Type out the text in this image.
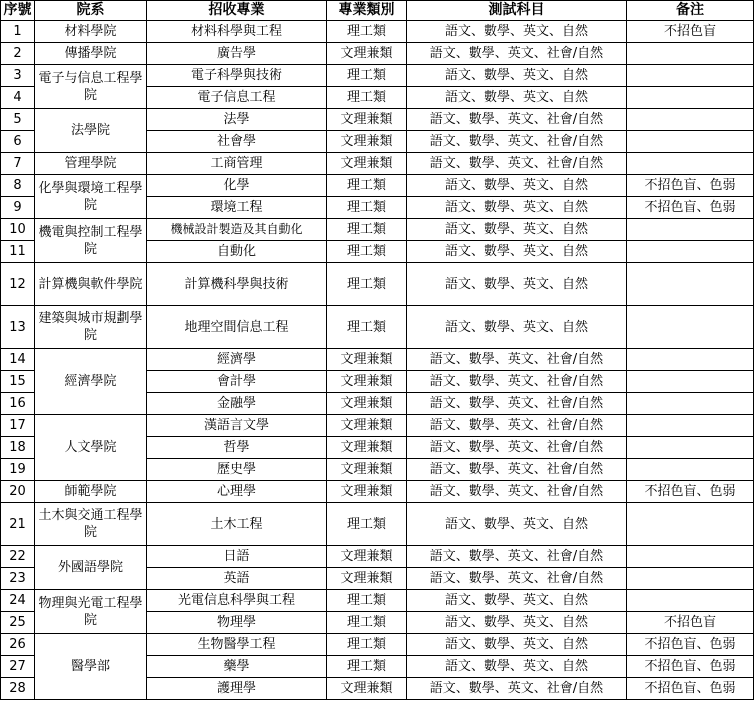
序號	院系	招收專業	專業類別	測試科目	备注
1	材料學院	材料科學與工程	理工類	語文、數學、英文、自然	不招色盲
2	傳播學院	廣告學	文理兼類	語文、數學、英文、社會/自然	
3	電子与信息工程學院	電子科學與技術	理工類	語文、數學、英文、自然	
4		電子信息工程	理工類	語文、數學、英文、自然	
5	法學院	法學	文理兼類	語文、數學、英文、社會/自然	
6		社會學	文理兼類	語文、數學、英文、社會/自然	
7	管理學院	工商管理	文理兼類	語文、數學、英文、社會/自然	
8	化學與環境工程學院	化學	理工類	語文、數學、英文、自然	不招色盲、色弱
9		環境工程	理工類	語文、數學、英文、自然	不招色盲、色弱
10	機電與控制工程學院	機械設計製造及其自動化	理工類	語文、數學、英文、自然	
11		自動化	理工類	語文、數學、英文、自然	
12	計算機與軟件學院	計算機科學與技術	理工類	語文、數學、英文、自然	
13	建築與城市規劃學院	地理空間信息工程	理工類	語文、數學、英文、自然	
14	經濟學院	經濟學	文理兼類	語文、數學、英文、社會/自然	
15		會計學	文理兼類	語文、數學、英文、社會/自然	
16		金融學	文理兼類	語文、數學、英文、社會/自然	
17	人文學院	漢語言文學	文理兼類	語文、數學、英文、社會/自然	
18		哲學	文理兼類	語文、數學、英文、社會/自然	
19		歷史學	文理兼類	語文、數學、英文、社會/自然	
20	師範學院	心理學	文理兼類	語文、數學、英文、社會/自然	不招色盲、色弱
21	土木與交通工程學院	土木工程	理工類	語文、數學、英文、自然	
22	外國語學院	日語	文理兼類	語文、數學、英文、社會/自然	
23		英語	文理兼類	語文、數學、英文、社會/自然	
24	物理與光電工程學院	光電信息科學與工程	理工類	語文、數學、英文、自然	
25		物理學	理工類	語文、數學、英文、自然	不招色盲
26	醫學部	生物醫學工程	理工類	語文、數學、英文、自然	不招色盲、色弱
27		藥學	理工類	語文、數學、英文、自然	不招色盲、色弱
28		護理學	文理兼類	語文、數學、英文、社會/自然	不招色盲、色弱
